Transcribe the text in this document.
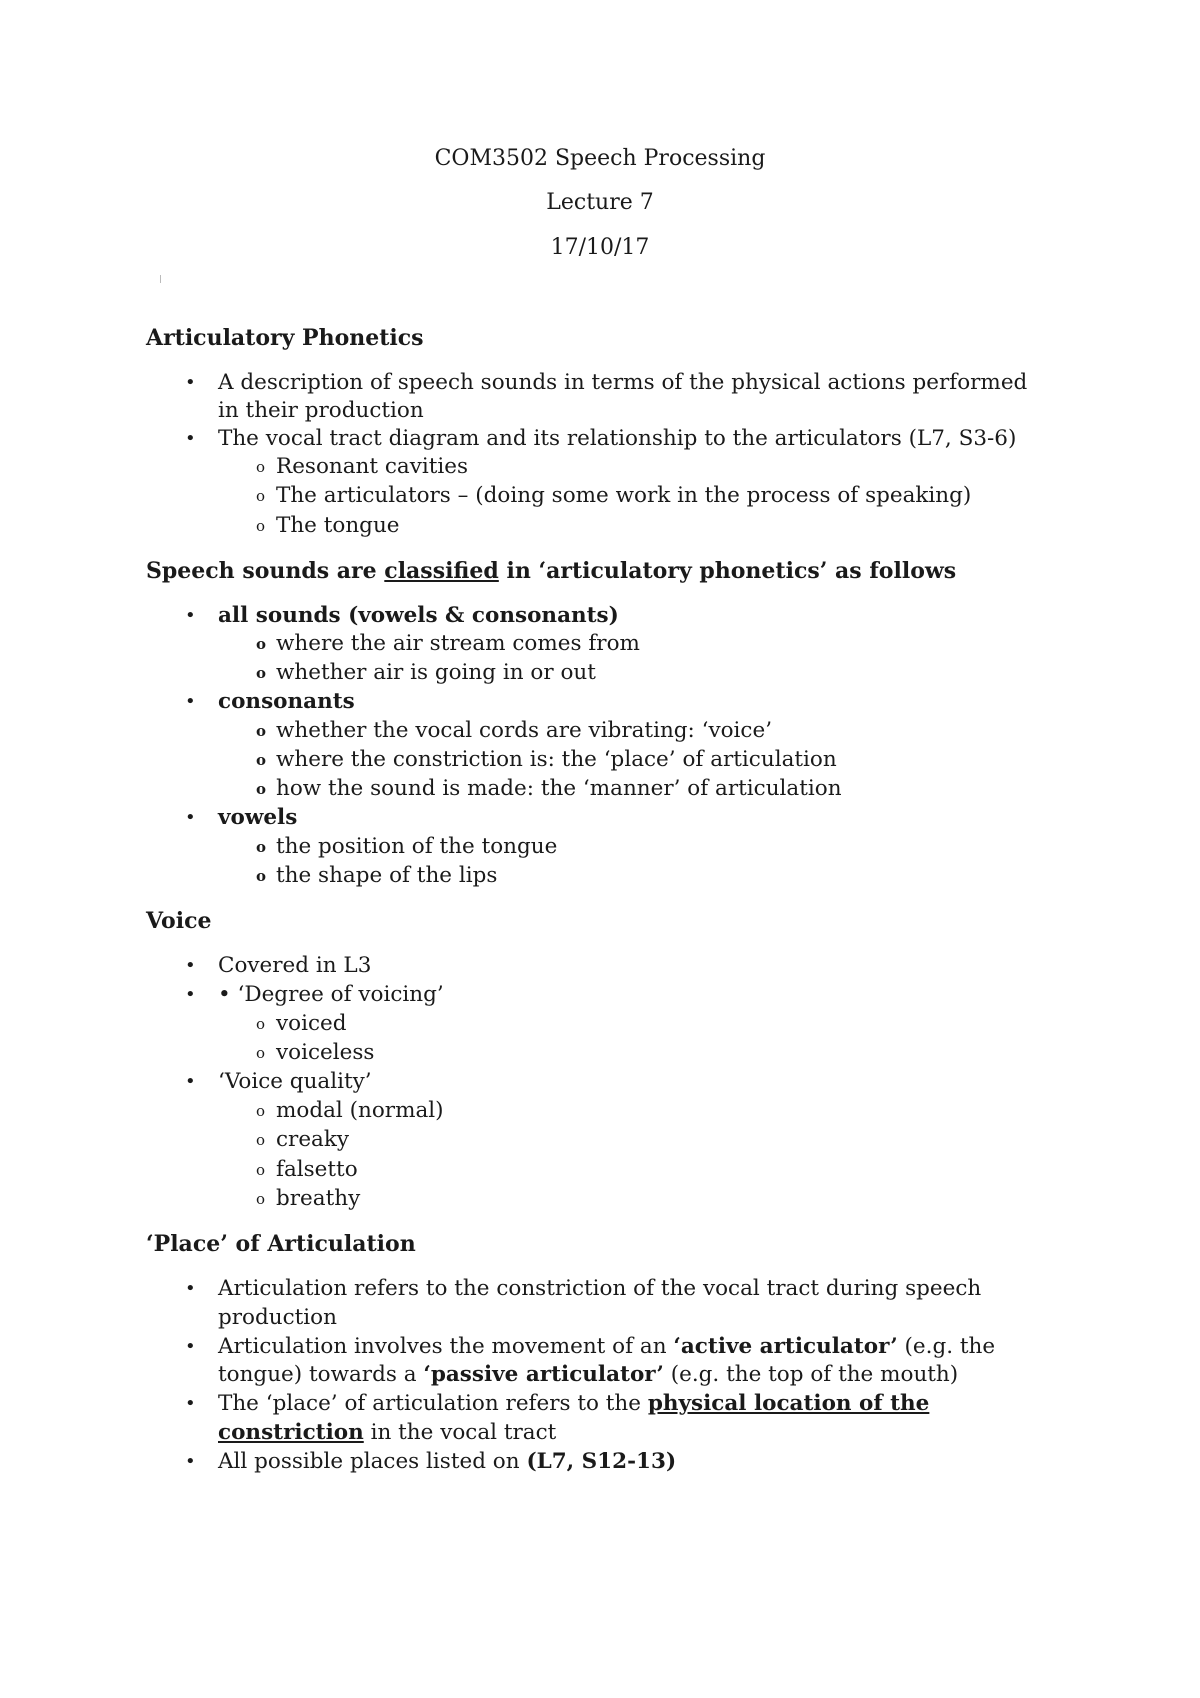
COM3502 Speech Processing
Lecture 7
17/10/17
Articulatory Phonetics
• A description of speech sounds in terms of the physical actions performed
in their production
• The vocal tract diagram and its relationship to the articulators (L7, S3-6)
o Resonant cavities
o The articulators – (doing some work in the process of speaking)
o The tongue
Speech sounds are classified in ‘articulatory phonetics’ as follows
• all sounds (vowels & consonants)
o where the air stream comes from
o whether air is going in or out
• consonants
o whether the vocal cords are vibrating: ‘voice’
o where the constriction is: the ‘place’ of articulation
o how the sound is made: the ‘manner’ of articulation
• vowels
o the position of the tongue
o the shape of the lips
Voice
• Covered in L3
• • ‘Degree of voicing’
o voiced
o voiceless
• ‘Voice quality’
o modal (normal)
o creaky
o falsetto
o breathy
‘Place’ of Articulation
• Articulation refers to the constriction of the vocal tract during speech
production
• Articulation involves the movement of an ‘active articulator’ (e.g. the
tongue) towards a ‘passive articulator’ (e.g. the top of the mouth)
• The ‘place’ of articulation refers to the physical location of the
constriction in the vocal tract
• All possible places listed on (L7, S12-13)
